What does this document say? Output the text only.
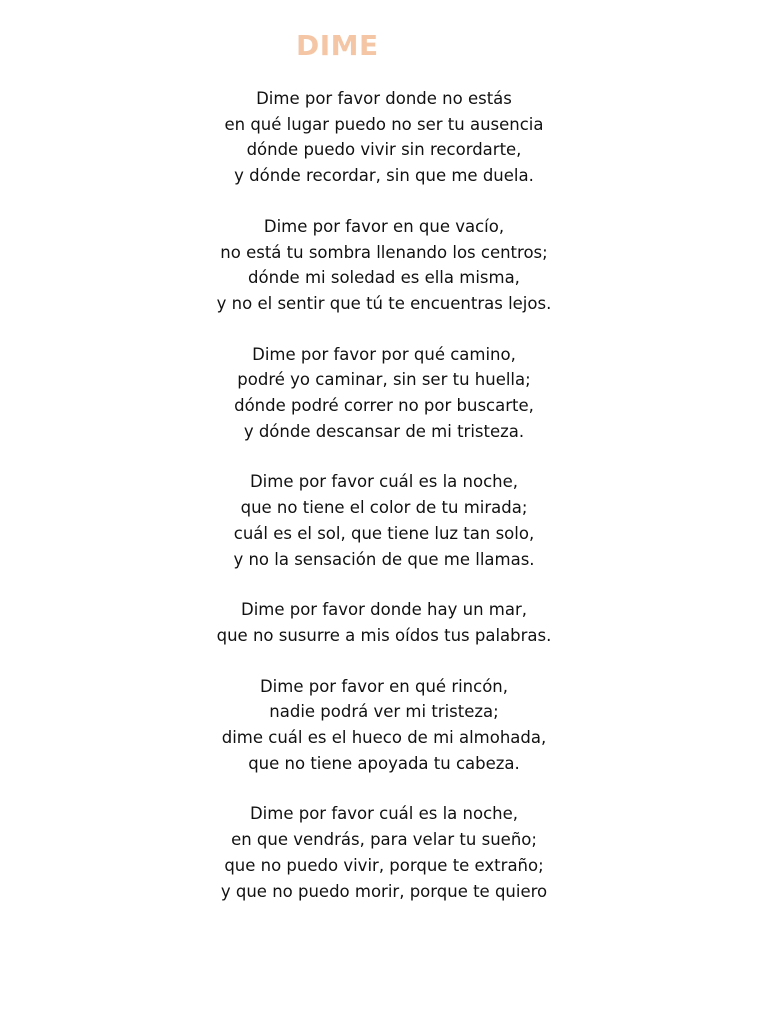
DIME
Dime por favor donde no estás
en qué lugar puedo no ser tu ausencia
dónde puedo vivir sin recordarte,
y dónde recordar, sin que me duela.
Dime por favor en que vacío,
no está tu sombra llenando los centros;
dónde mi soledad es ella misma,
y no el sentir que tú te encuentras lejos.
Dime por favor por qué camino,
podré yo caminar, sin ser tu huella;
dónde podré correr no por buscarte,
y dónde descansar de mi tristeza.
Dime por favor cuál es la noche,
que no tiene el color de tu mirada;
cuál es el sol, que tiene luz tan solo,
y no la sensación de que me llamas.
Dime por favor donde hay un mar,
que no susurre a mis oídos tus palabras.
Dime por favor en qué rincón,
nadie podrá ver mi tristeza;
dime cuál es el hueco de mi almohada,
que no tiene apoyada tu cabeza.
Dime por favor cuál es la noche,
en que vendrás, para velar tu sueño;
que no puedo vivir, porque te extraño;
y que no puedo morir, porque te quiero
